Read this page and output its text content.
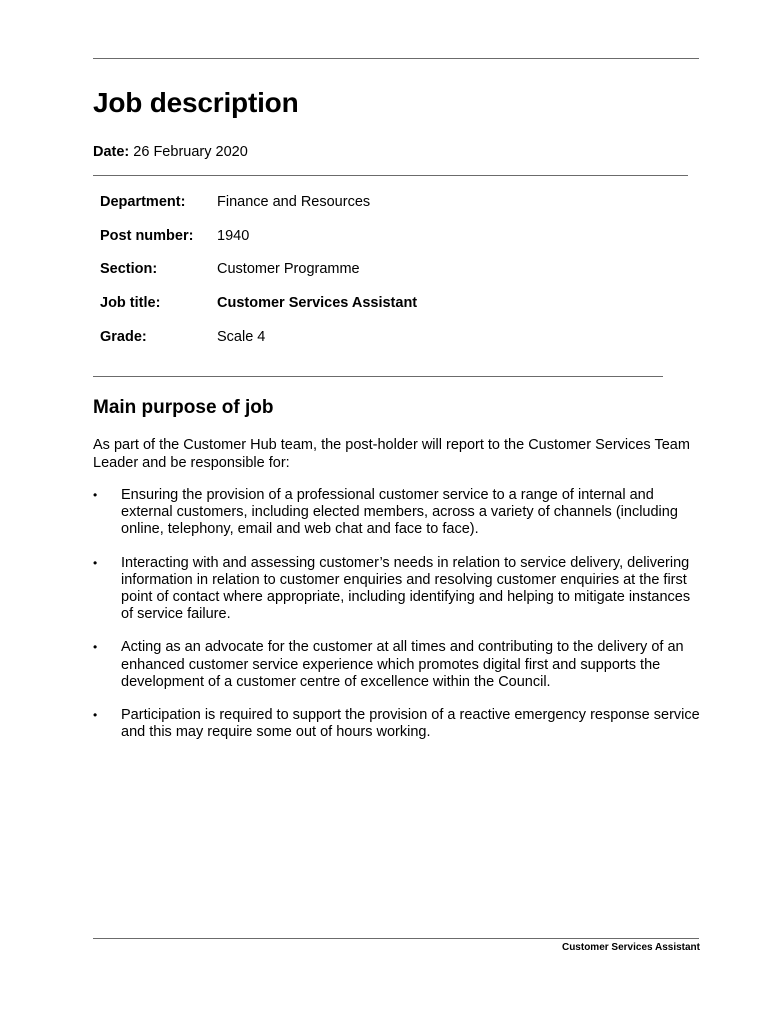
Job description
Date: 26 February 2020
Department:	Finance and Resources
Post number:	1940
Section:	Customer Programme
Job title:	Customer Services Assistant
Grade:	Scale 4
Main purpose of job

As part of the Customer Hub team, the post-holder will report to the Customer Services Team Leader and be responsible for:

•	Ensuring the provision of a professional customer service to a range of internal and external customers, including elected members, across a variety of channels (including online, telephony, email and web chat and face to face).
•	Interacting with and assessing customer’s needs in relation to service delivery, delivering information in relation to customer enquiries and resolving customer enquiries at the first point of contact where appropriate, including identifying and helping to mitigate instances of service failure.
•	Acting as an advocate for the customer at all times and contributing to the delivery of an enhanced customer service experience which promotes digital first and supports the development of a customer centre of excellence within the Council.
•	Participation is required to support the provision of a reactive emergency response service and this may require some out of hours working.
Customer Services Assistant
